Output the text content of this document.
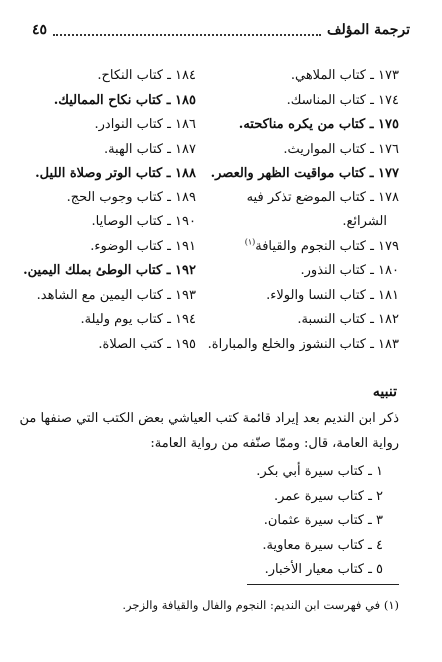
ترجمة المؤلف
٤٥
١٧٣ ـ كتاب الملاهي.
١٧٤ ـ كتاب المناسك.
١٧٥ ـ كتاب من يكره مناكحته.
١٧٦ ـ كتاب المواريث.
١٧٧ ـ كتاب مواقيت الظهر والعصر.
١٧٨ ـ كتاب الموضع تذكر فيه
الشرائع.
١٧٩ ـ كتاب النجوم والقيافة$^{(١)}$
١٨٠ ـ كتاب النذور.
١٨١ ـ كتاب النسا والولاء.
١٨٢ ـ كتاب النسبة.
١٨٣ ـ كتاب النشوز والخلع والمباراة.
١٨٤ ـ كتاب النكاح.
١٨٥ ـ كتاب نكاح المماليك.
١٨٦ ـ كتاب النوادر.
١٨٧ ـ كتاب الهبة.
١٨٨ ـ كتاب الوتر وصلاة الليل.
١٨٩ ـ كتاب وجوب الحج.
١٩٠ ـ كتاب الوصايا.
١٩١ ـ كتاب الوضوء.
١٩٢ ـ كتاب الوطئ بملك اليمين.
١٩٣ ـ كتاب اليمين مع الشاهد.
١٩٤ ـ كتاب يوم وليلة.
١٩٥ ـ كتب الصلاة.
تنبيه
ذكر ابن النديم بعد إيراد قائمة كتب العياشي بعض الكتب التي صنفها من
رواية العامة، قال: وممّا صنّفه من رواية العامة:
١ ـ كتاب سيرة أبي بكر.
٢ ـ كتاب سيرة عمر.
٣ ـ كتاب سيرة عثمان.
٤ ـ كتاب سيرة معاوية.
٥ ـ كتاب معيار الأخبار.
(١) في فهرست ابن النديم: النجوم والفال والقيافة والزجر.
